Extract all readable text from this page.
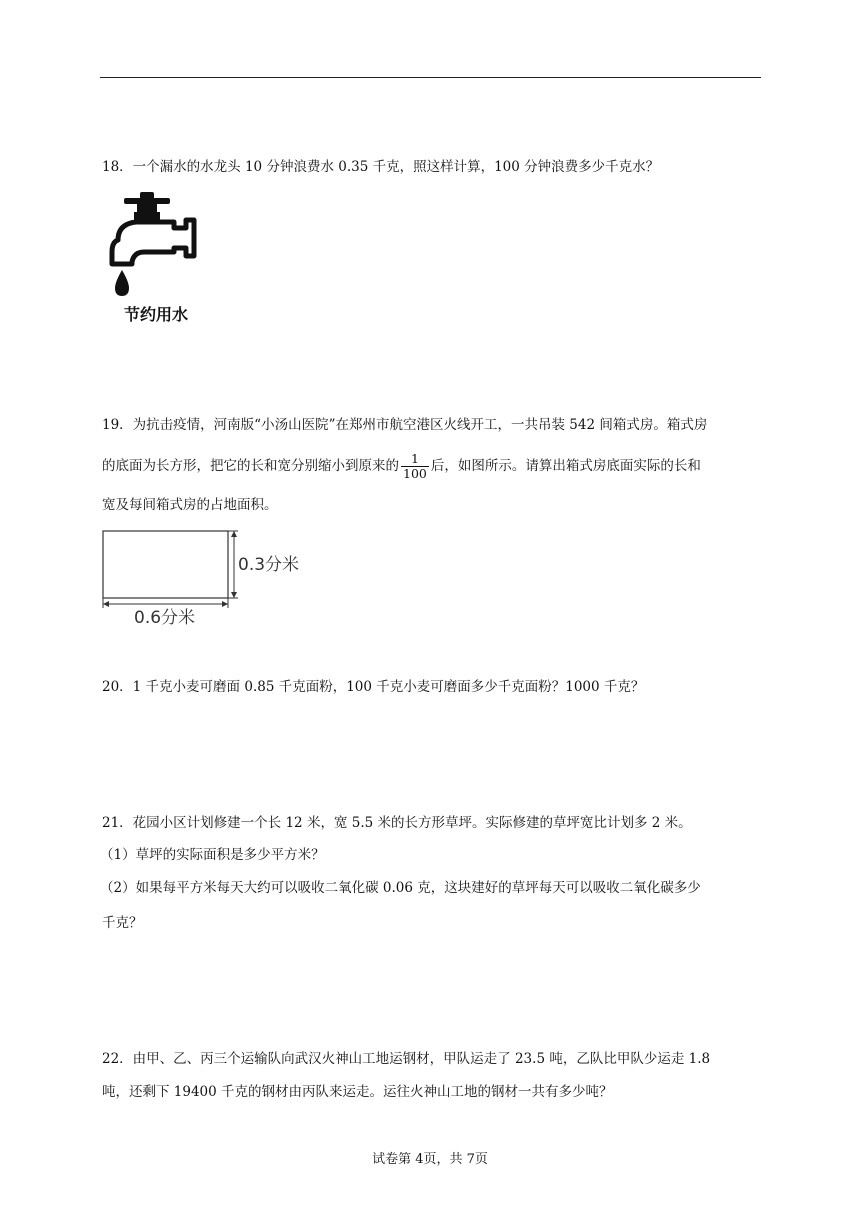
18．一个漏水的水龙头 10 分钟浪费水 0.35 千克，照这样计算，100 分钟浪费多少千克水？
节约用水
19．为抗击疫情，河南版“小汤山医院”在郑州市航空港区火线开工，一共吊装 542 间箱式房。箱式房
的底面为长方形，把它的长和宽分别缩小到原来的 $\frac{1}{100}$ 后，如图所示。请算出箱式房底面实际的长和
宽及每间箱式房的占地面积。
0.3分米
0.6分米
20．1 千克小麦可磨面 0.85 千克面粉，100 千克小麦可磨面多少千克面粉？1000 千克？
21．花园小区计划修建一个长 12 米，宽 5.5 米的长方形草坪。实际修建的草坪宽比计划多 2 米。
（1）草坪的实际面积是多少平方米？
（2）如果每平方米每天大约可以吸收二氧化碳 0.06 克，这块建好的草坪每天可以吸收二氧化碳多少
千克？
22．由甲、乙、丙三个运输队向武汉火神山工地运钢材，甲队运走了 23.5 吨，乙队比甲队少运走 1.8
吨，还剩下 19400 千克的钢材由丙队来运走。运往火神山工地的钢材一共有多少吨？
试卷第 4页，共 7页
